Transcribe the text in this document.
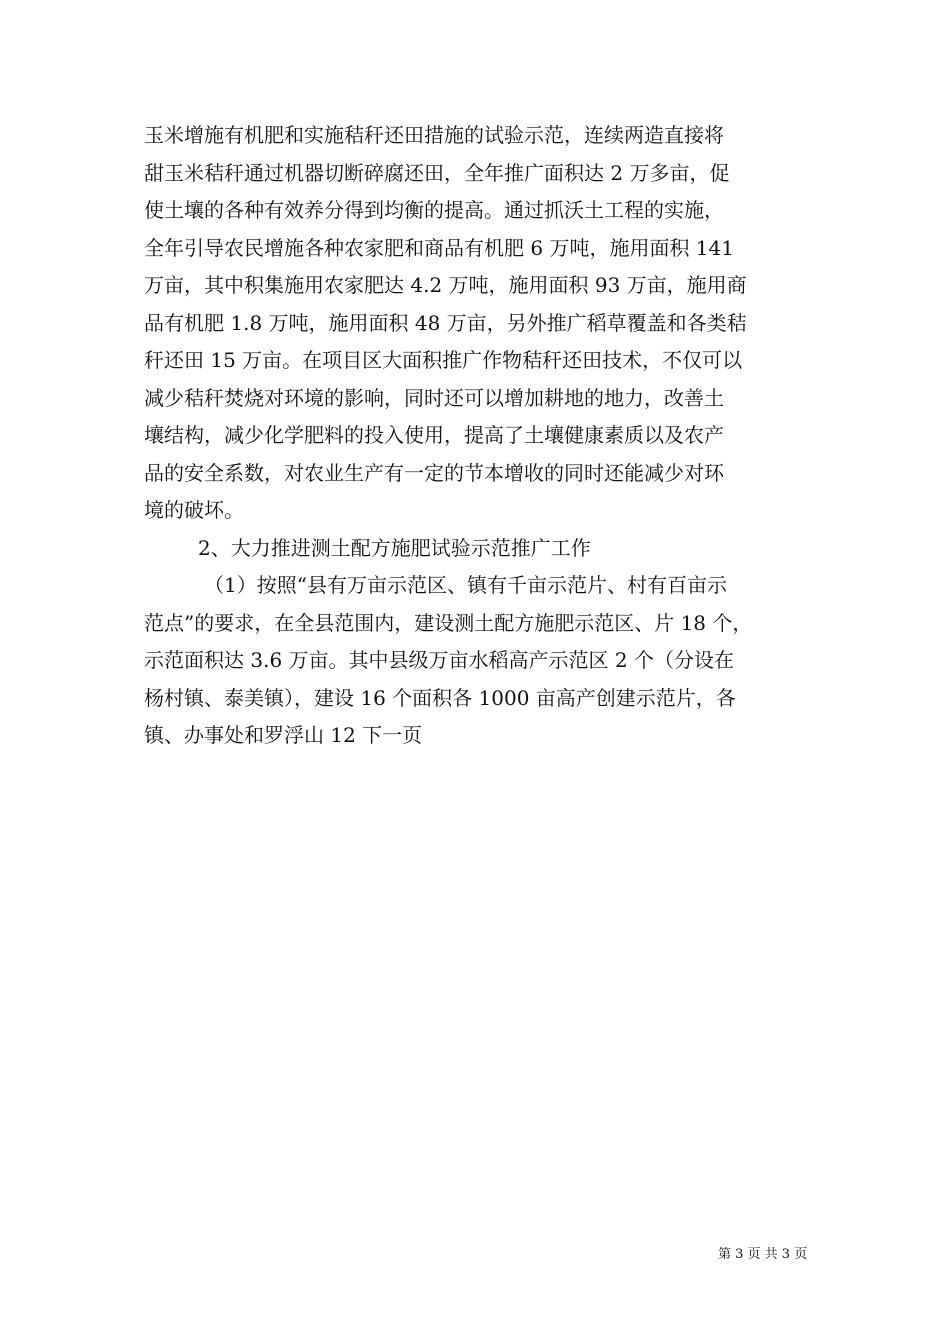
玉米增施有机肥和实施秸秆还田措施的试验示范，连续两造直接将
甜玉米秸秆通过机器切断碎腐还田，全年推广面积达 2 万多亩，促
使土壤的各种有效养分得到均衡的提高。通过抓沃土工程的实施，
全年引导农民增施各种农家肥和商品有机肥 6 万吨，施用面积 141
万亩，其中积集施用农家肥达 4.2 万吨，施用面积 93 万亩，施用商
品有机肥 1.8 万吨，施用面积 48 万亩，另外推广稻草覆盖和各类秸
秆还田 15 万亩。在项目区大面积推广作物秸秆还田技术，不仅可以
减少秸秆焚烧对环境的影响，同时还可以增加耕地的地力，改善土
壤结构，减少化学肥料的投入使用，提高了土壤健康素质以及农产
品的安全系数，对农业生产有一定的节本增收的同时还能减少对环
境的破坏。
2、大力推进测土配方施肥试验示范推广工作
（1）按照“县有万亩示范区、镇有千亩示范片、村有百亩示
范点”的要求，在全县范围内，建设测土配方施肥示范区、片 18 个，
示范面积达 3.6 万亩。其中县级万亩水稻高产示范区 2 个（分设在
杨村镇、泰美镇），建设 16 个面积各 1000 亩高产创建示范片，各
镇、办事处和罗浮山 12 下一页
第 3 页 共 3 页
